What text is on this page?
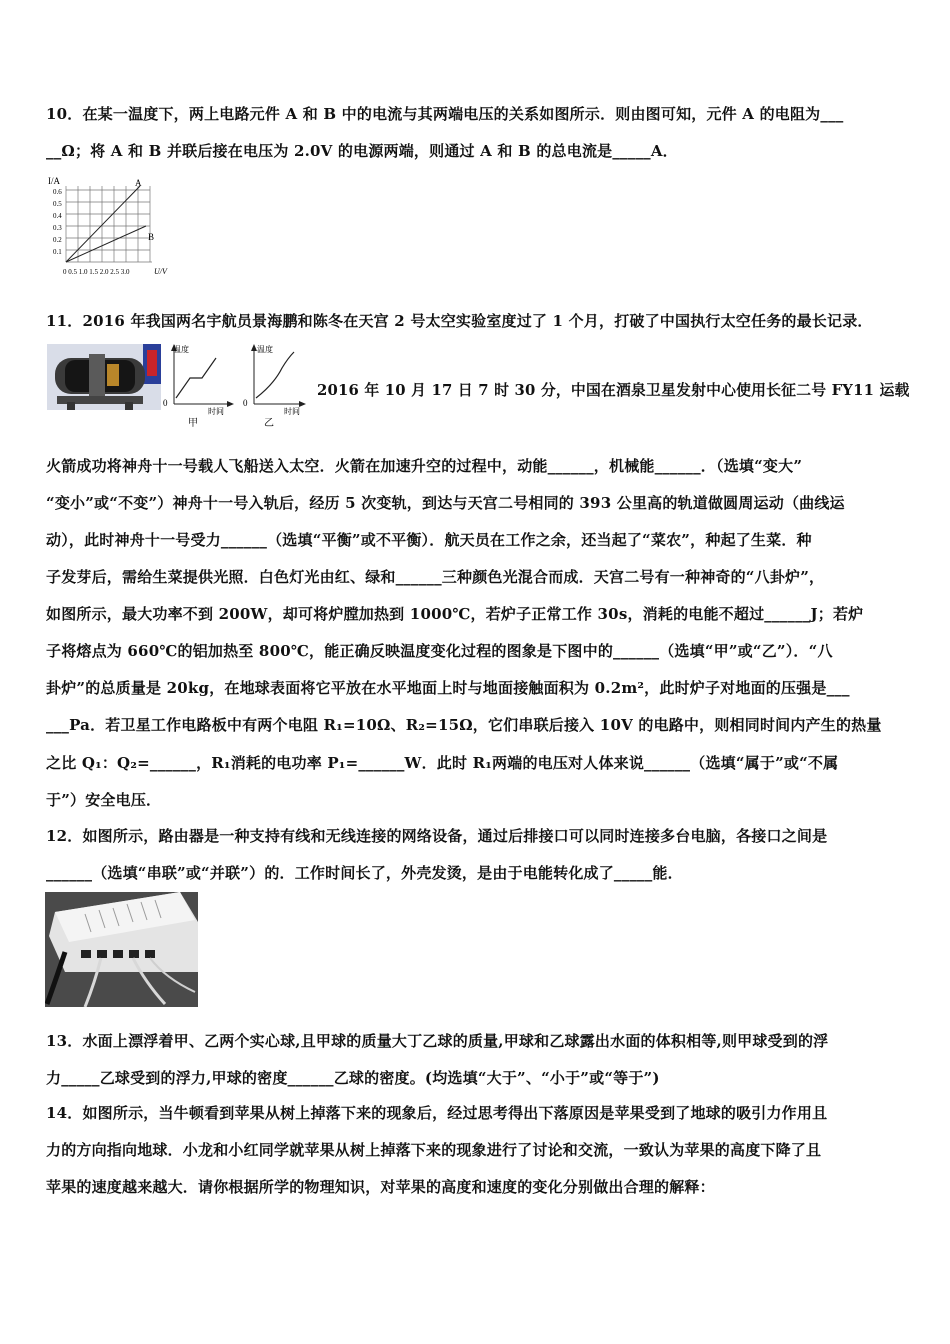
10．在某一温度下，两上电路元件 A 和 B 中的电流与其两端电压的关系如图所示．则由图可知，元件 A 的电阻为___
__Ω；将 A 和 B 并联后接在电压为 2.0V 的电源两端，则通过 A 和 B 的总电流是_____A．
I/A
0.6
0.5
0.4
0.3
0.2
0.1
0 0.5 1.0 1.5 2.0 2.5 3.0	U/V
A
B
11．2016 年我国两名宇航员景海鹏和陈冬在天宫 2 号太空实验室度过了 1 个月，打破了中国执行太空任务的最长记录．
温度
0
时间
甲
温度
0
时间
乙
2016 年 10 月 17 日 7 时 30 分，中国在酒泉卫星发射中心使用长征二号 FY11 运载
火箭成功将神舟十一号载人飞船送入太空．火箭在加速升空的过程中，动能______，机械能______．（选填“变大”
“变小”或“不变”）神舟十一号入轨后，经历 5 次变轨，到达与天宫二号相同的 393 公里高的轨道做圆周运动（曲线运
动），此时神舟十一号受力______（选填“平衡”或不平衡）．航天员在工作之余，还当起了“菜农”，种起了生菜．种
子发芽后，需给生菜提供光照．白色灯光由红、绿和______三种颜色光混合而成．天宫二号有一种神奇的“八卦炉”，
如图所示，最大功率不到 200W，却可将炉膛加热到 1000℃，若炉子正常工作 30s，消耗的电能不超过______J；若炉
子将熔点为 660℃的铝加热至 800℃，能正确反映温度变化过程的图象是下图中的______（选填“甲”或“乙”）．“八
卦炉”的总质量是 20kg，在地球表面将它平放在水平地面上时与地面接触面积为 0.2m²，此时炉子对地面的压强是___
___Pa．若卫星工作电路板中有两个电阻 R₁=10Ω、R₂=15Ω，它们串联后接入 10V 的电路中，则相同时间内产生的热量
之比 Q₁：Q₂=______，R₁消耗的电功率 P₁=______W．此时 R₁两端的电压对人体来说______（选填“属于”或“不属
于”）安全电压．
12．如图所示，路由器是一种支持有线和无线连接的网络设备，通过后排接口可以同时连接多台电脑，各接口之间是
______（选填“串联”或“并联”）的．工作时间长了，外壳发烫，是由于电能转化成了_____能．
13．水面上漂浮着甲、乙两个实心球,且甲球的质量大丁乙球的质量,甲球和乙球露出水面的体积相等,则甲球受到的浮
力_____乙球受到的浮力,甲球的密度______乙球的密度。(均选填“大于”、“小于”或“等于”)
14．如图所示，当牛顿看到苹果从树上掉落下来的现象后，经过思考得出下落原因是苹果受到了地球的吸引力作用且
力的方向指向地球．小龙和小红同学就苹果从树上掉落下来的现象进行了讨论和交流，一致认为苹果的高度下降了且
苹果的速度越来越大．请你根据所学的物理知识，对苹果的高度和速度的变化分别做出合理的解释：
